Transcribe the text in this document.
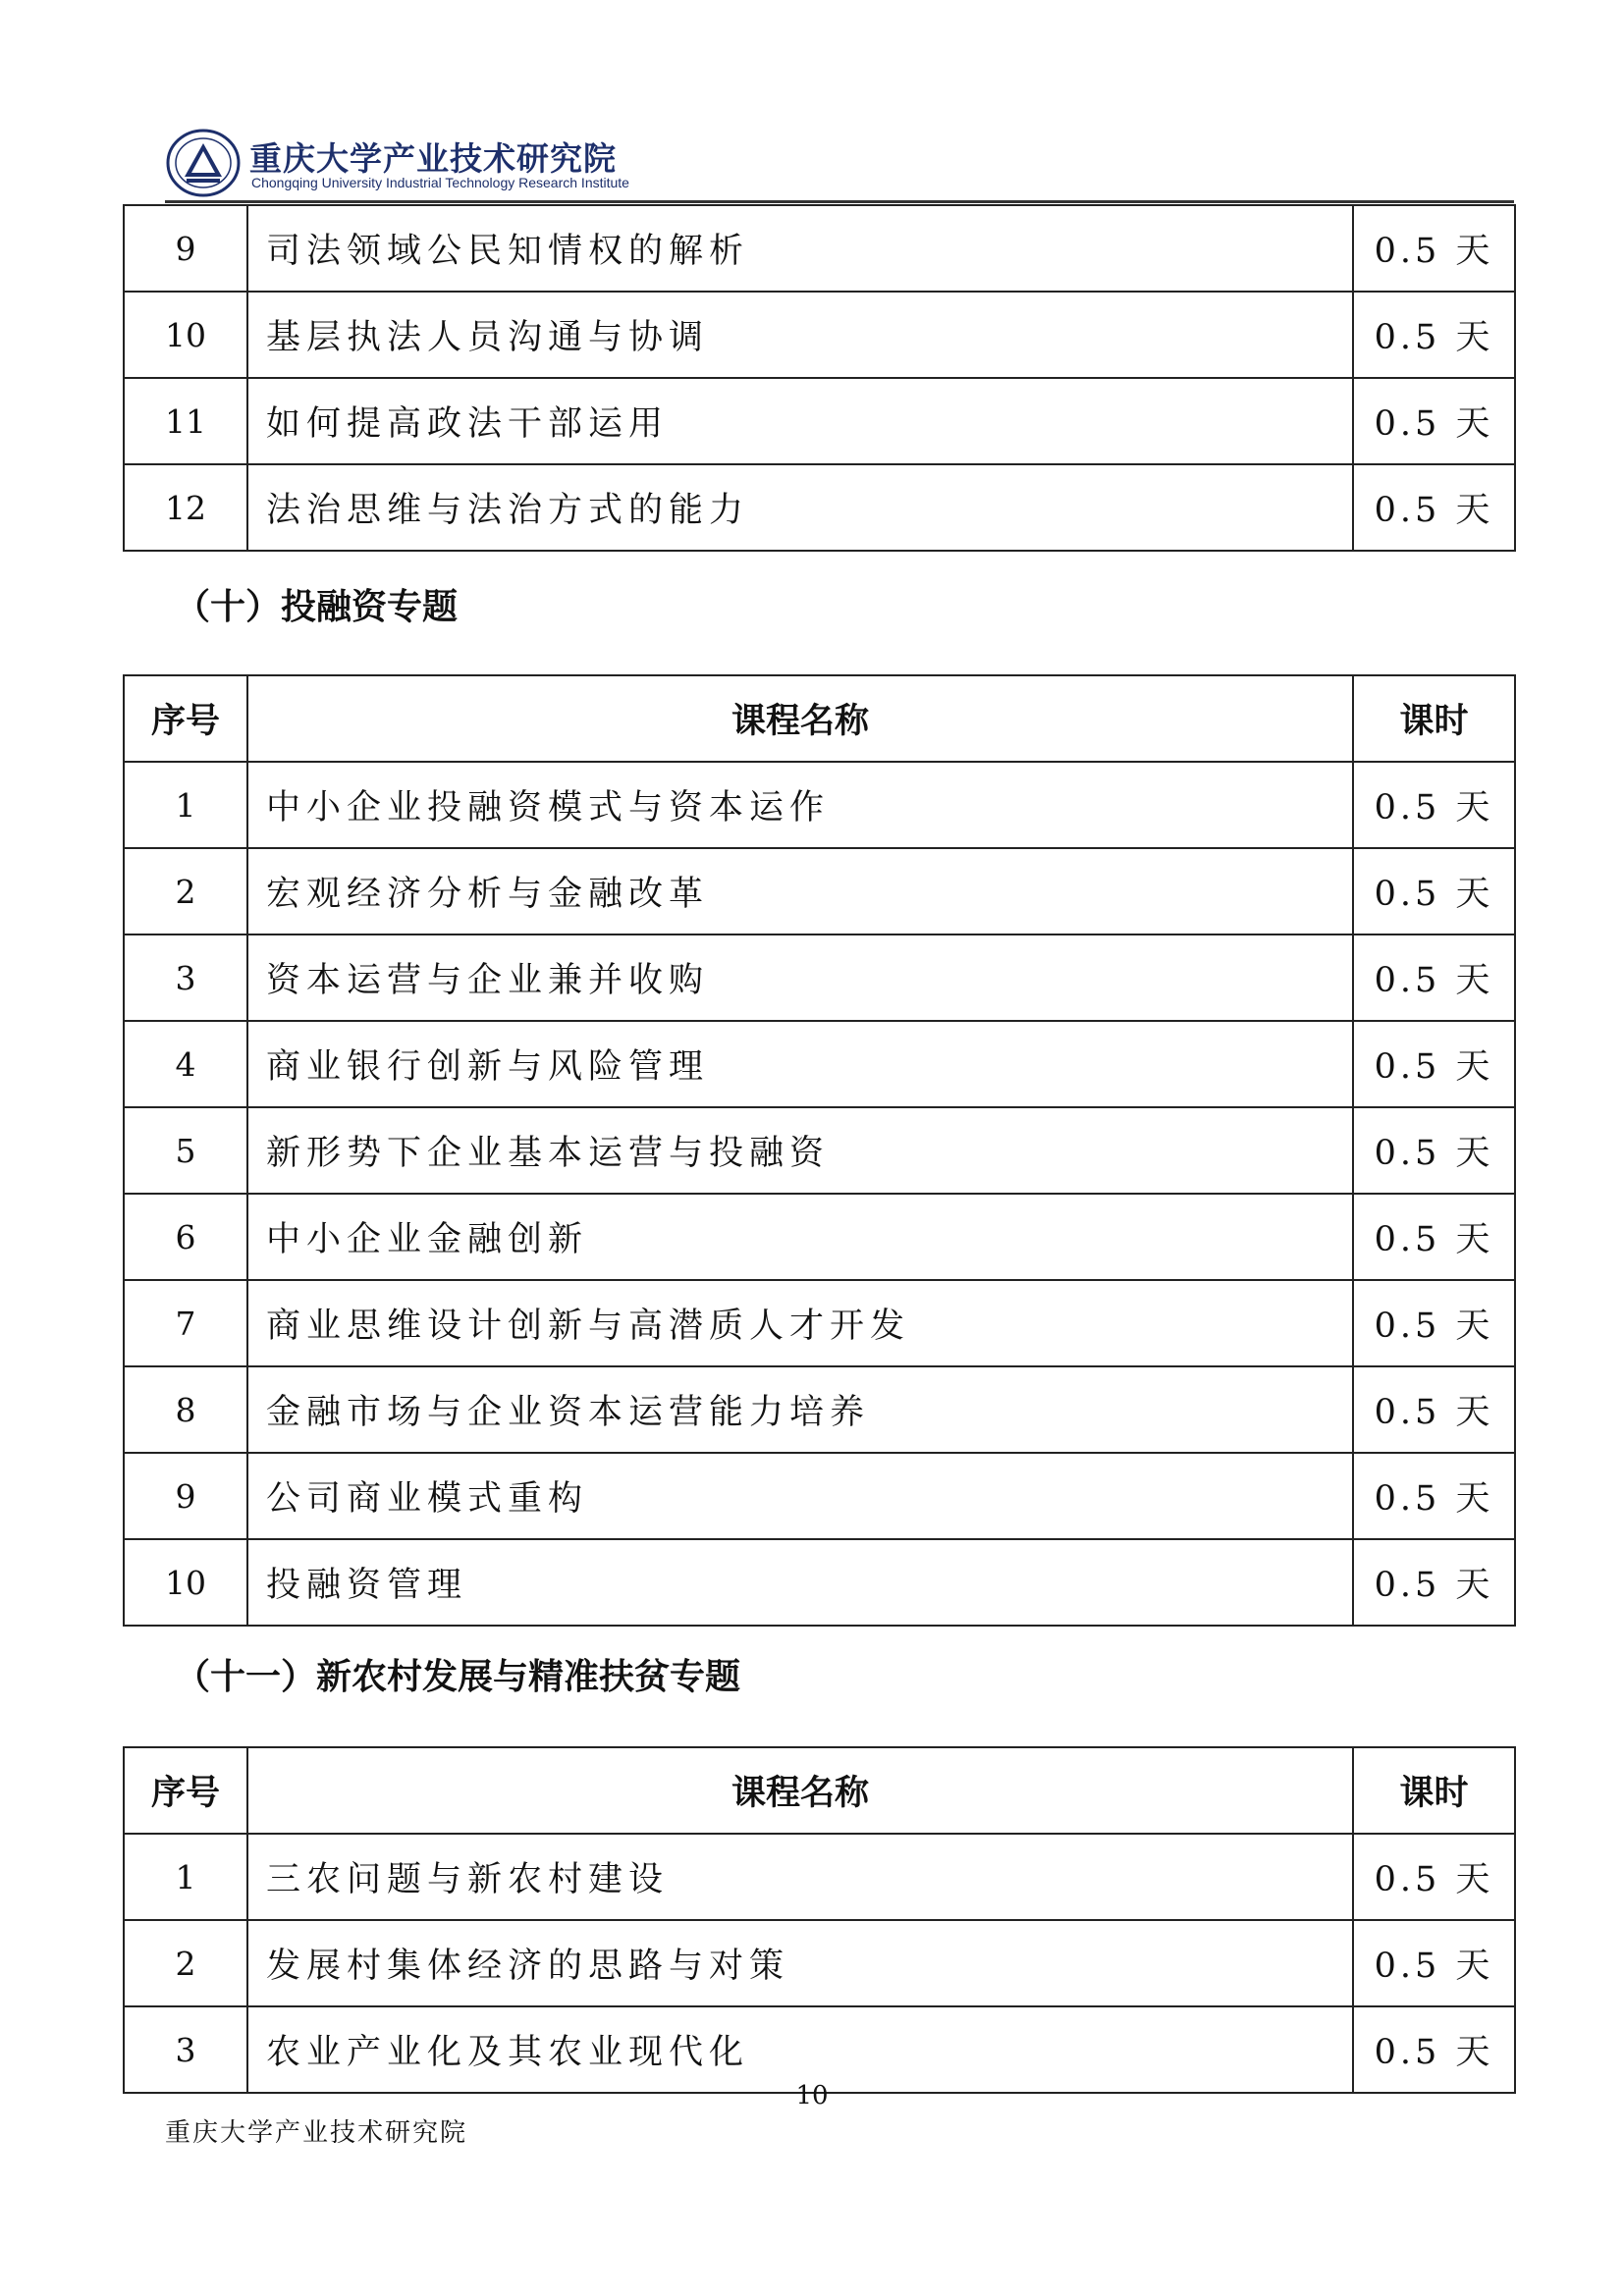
重庆大学产业技术研究院
Chongqing University Industrial Technology Research Institute
9	司法领域公民知情权的解析	0.5 天
10	基层执法人员沟通与协调	0.5 天
11	如何提高政法干部运用	0.5 天
12	法治思维与法治方式的能力	0.5 天
（十）投融资专题
序号	课程名称	课时
1	中小企业投融资模式与资本运作	0.5 天
2	宏观经济分析与金融改革	0.5 天
3	资本运营与企业兼并收购	0.5 天
4	商业银行创新与风险管理	0.5 天
5	新形势下企业基本运营与投融资	0.5 天
6	中小企业金融创新	0.5 天
7	商业思维设计创新与高潜质人才开发	0.5 天
8	金融市场与企业资本运营能力培养	0.5 天
9	公司商业模式重构	0.5 天
10	投融资管理	0.5 天
（十一）新农村发展与精准扶贫专题
序号	课程名称	课时
1	三农问题与新农村建设	0.5 天
2	发展村集体经济的思路与对策	0.5 天
3	农业产业化及其农业现代化	0.5 天
10
重庆大学产业技术研究院
